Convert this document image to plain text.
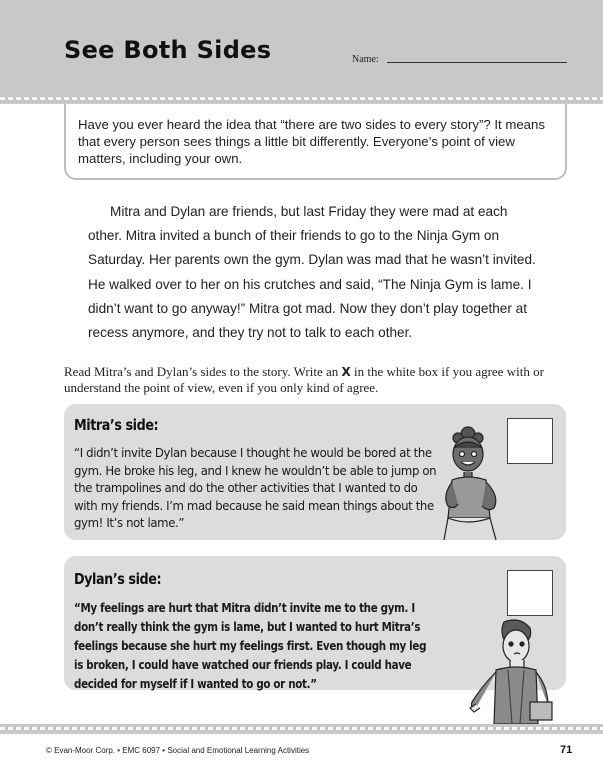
See Both Sides	Name:

Have you ever heard the idea that “there are two sides to every story”? It means that every person sees things a little bit differently. Everyone’s point of view matters, including your own.

Mitra and Dylan are friends, but last Friday they were mad at each other. Mitra invited a bunch of their friends to go to the Ninja Gym on Saturday. Her parents own the gym. Dylan was mad that he wasn’t invited. He walked over to her on his crutches and said, “The Ninja Gym is lame. I didn’t want to go anyway!” Mitra got mad. Now they don’t play together at recess anymore, and they try not to talk to each other.

Read Mitra’s and Dylan’s sides to the story. Write an X in the white box if you agree with or understand the point of view, even if you only kind of agree.

Mitra’s side:

“I didn’t invite Dylan because I thought he would be bored at the gym. He broke his leg, and I knew he wouldn’t be able to jump on the trampolines and do the other activities that I wanted to do with my friends. I’m mad because he said mean things about the gym! It’s not lame.”

Dylan’s side:

“My feelings are hurt that Mitra didn’t invite me to the gym. I don’t really think the gym is lame, but I wanted to hurt Mitra’s feelings because she hurt my feelings first. Even though my leg is broken, I could have watched our friends play. I could have decided for myself if I wanted to go or not.”

© Evan-Moor Corp. • EMC 6097 • Social and Emotional Learning Activities	71
